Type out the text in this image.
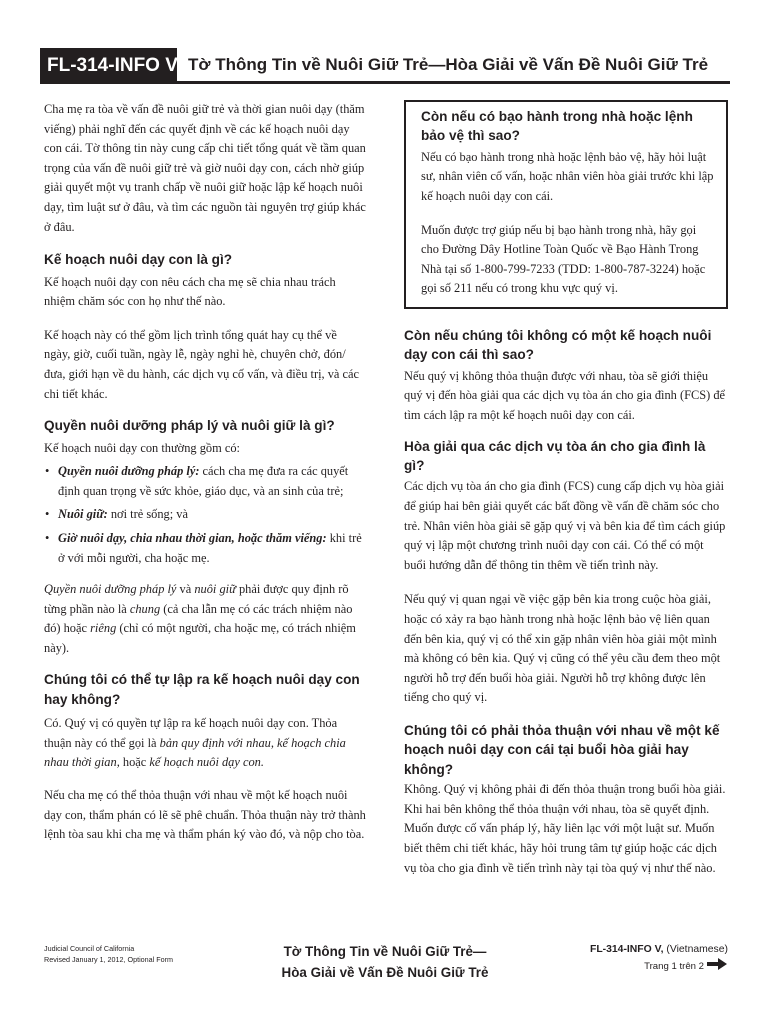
FL-314-INFO V Tờ Thông Tin về Nuôi Giữ Trẻ—Hòa Giải về Vấn Đề Nuôi Giữ Trẻ

Cha mẹ ra tòa về vấn đề nuôi giữ trẻ và thời gian nuôi dạy (thăm viếng) phải nghĩ đến các quyết định về các kế hoạch nuôi dạy con cái. Tờ thông tin này cung cấp chi tiết tổng quát về tầm quan trọng của vấn đề nuôi giữ trẻ và giờ nuôi dạy con, cách nhờ giúp giải quyết một vụ tranh chấp về nuôi giữ hoặc lập kế hoạch nuôi dạy, tìm luật sư ở đâu, và tìm các nguồn tài nguyên trợ giúp khác ở đâu.

Kế hoạch nuôi dạy con là gì?

Kế hoạch nuôi dạy con nêu cách cha mẹ sẽ chia nhau trách nhiệm chăm sóc con họ như thế nào.

Kế hoạch này có thể gồm lịch trình tổng quát hay cụ thể về ngày, giờ, cuối tuần, ngày lễ, ngày nghỉ hè, chuyên chở, đón/đưa, giới hạn về du hành, các dịch vụ cố vấn, và điều trị, và các chi tiết khác.

Quyền nuôi dưỡng pháp lý và nuôi giữ là gì?

Kế hoạch nuôi dạy con thường gồm có:

• Quyền nuôi dưỡng pháp lý: cách cha mẹ đưa ra các quyết định quan trọng về sức khỏe, giáo dục, và an sinh của trẻ;
• Nuôi giữ: nơi trẻ sống; và
• Giờ nuôi dạy, chia nhau thời gian, hoặc thăm viếng: khi trẻ ở với mỗi người, cha hoặc mẹ.

Quyền nuôi dưỡng pháp lý và nuôi giữ phải được quy định rõ từng phần nào là chung (cả cha lẫn mẹ có các trách nhiệm nào đó) hoặc riêng (chỉ có một người, cha hoặc mẹ, có trách nhiệm này).

Chúng tôi có thể tự lập ra kế hoạch nuôi dạy con hay không?

Có. Quý vị có quyền tự lập ra kế hoạch nuôi dạy con. Thỏa thuận này có thể gọi là bản quy định với nhau, kế hoạch chia nhau thời gian, hoặc kế hoạch nuôi dạy con.

Nếu cha mẹ có thể thỏa thuận với nhau về một kế hoạch nuôi dạy con, thẩm phán có lẽ sẽ phê chuẩn. Thỏa thuận này trở thành lệnh tòa sau khi cha mẹ và thẩm phán ký vào đó, và nộp cho tòa.

Còn nếu có bạo hành trong nhà hoặc lệnh bảo vệ thì sao?

Nếu có bạo hành trong nhà hoặc lệnh bảo vệ, hãy hỏi luật sư, nhân viên cố vấn, hoặc nhân viên hòa giải trước khi lập kế hoạch nuôi dạy con cái.

Muốn được trợ giúp nếu bị bạo hành trong nhà, hãy gọi cho Đường Dây Hotline Toàn Quốc về Bạo Hành Trong Nhà tại số 1-800-799-7233 (TDD: 1-800-787-3224) hoặc gọi số 211 nếu có trong khu vực quý vị.

Còn nếu chúng tôi không có một kế hoạch nuôi dạy con cái thì sao?

Nếu quý vị không thỏa thuận được với nhau, tòa sẽ giới thiệu quý vị đến hòa giải qua các dịch vụ tòa án cho gia đình (FCS) để tìm cách lập ra một kế hoạch nuôi dạy con cái.

Hòa giải qua các dịch vụ tòa án cho gia đình là gì?

Các dịch vụ tòa án cho gia đình (FCS) cung cấp dịch vụ hòa giải để giúp hai bên giải quyết các bất đồng về vấn đề chăm sóc cho trẻ. Nhân viên hòa giải sẽ gặp quý vị và bên kia để tìm cách giúp quý vị lập một chương trình nuôi dạy con cái. Có thể có một buổi hướng dẫn để thông tin thêm về tiến trình này.

Nếu quý vị quan ngại về việc gặp bên kia trong cuộc hòa giải, hoặc có xảy ra bạo hành trong nhà hoặc lệnh bảo vệ liên quan đến bên kia, quý vị có thể xin gặp nhân viên hòa giải một mình mà không có bên kia. Quý vị cũng có thể yêu cầu đem theo một người hỗ trợ đến buổi hòa giải. Người hỗ trợ không được lên tiếng cho quý vị.

Chúng tôi có phải thỏa thuận với nhau về một kế hoạch nuôi dạy con cái tại buổi hòa giải hay không?

Không. Quý vị không phải đi đến thỏa thuận trong buổi hòa giải. Khi hai bên không thể thỏa thuận với nhau, tòa sẽ quyết định. Muốn được cố vấn pháp lý, hãy liên lạc với một luật sư. Muốn biết thêm chi tiết khác, hãy hỏi trung tâm tự giúp hoặc các dịch vụ tòa cho gia đình về tiến trình này tại tòa quý vị như thế nào.

Judicial Council of California
Revised January 1, 2012, Optional Form
Tờ Thông Tin về Nuôi Giữ Trẻ—
Hòa Giải về Vấn Đề Nuôi Giữ Trẻ
FL-314-INFO V, (Vietnamese)
Trang 1 trên 2
